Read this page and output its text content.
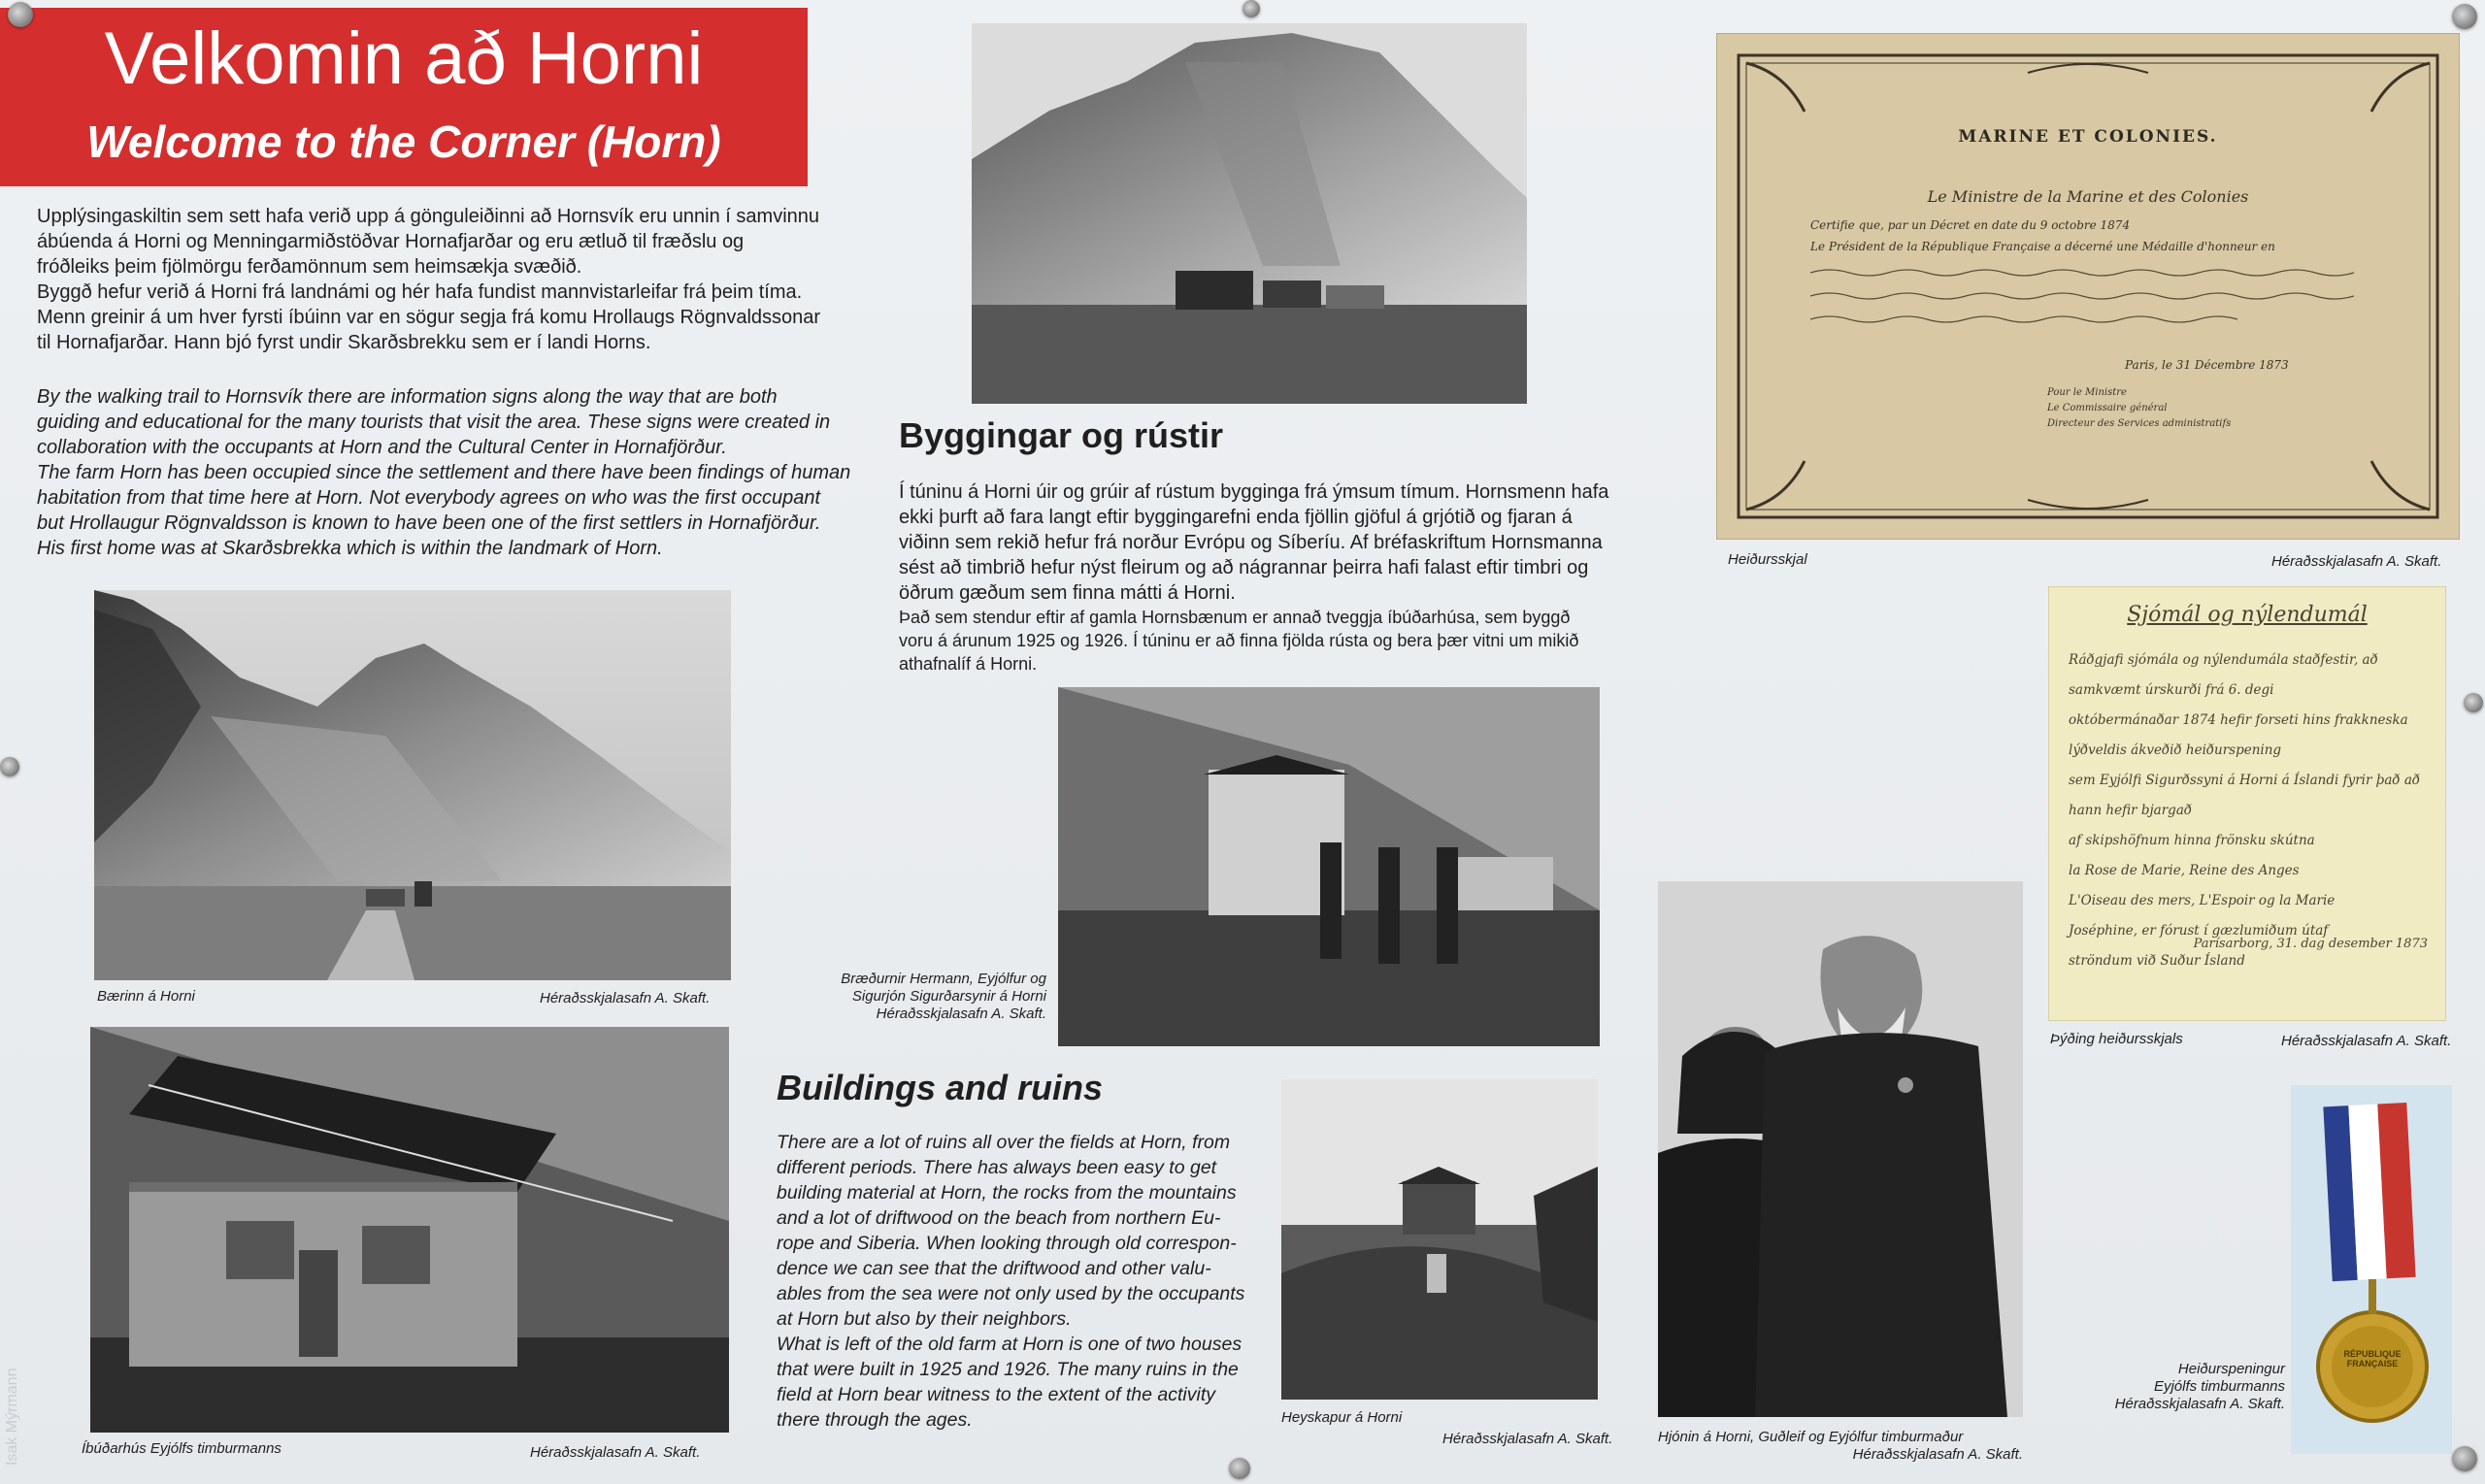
Velkomin að Horni
Welcome to the Corner (Horn)

Upplýsingaskiltin sem sett hafa verið upp á gönguleiðinni að Hornsvík eru unnin í samvinnu

ábúenda á Horni og Menningarmiðstöðvar Hornafjarðar og eru ætluð til fræðslu og

fróðleiks þeim fjölmörgu ferðamönnum sem heimsækja svæðið.

Byggð hefur verið á Horni frá landnámi og hér hafa fundist mannvistarleifar frá þeim tíma.

Menn greinir á um hver fyrsti íbúinn var en sögur segja frá komu Hrollaugs Rögnvaldssonar

til Hornafjarðar. Hann bjó fyrst undir Skarðsbrekku sem er í landi Horns.

By the walking trail to Hornsvík there are information signs along the way that are both

guiding and educational for the many tourists that visit the area. These signs were created in

collaboration with the occupants at Horn and the Cultural Center in Hornafjörður.

The farm Horn has been occupied since the settlement and there have been findings of human

habitation from that time here at Horn. Not everybody agrees on who was the first occupant

but Hrollaugur Rögnvaldsson is known to have been one of the first settlers in Hornafjörður.

His first home was at Skarðsbrekka which is within the landmark of Horn.

Bærinn á Horni	Héraðsskjalasafn A. Skaft.
Íbúðarhús Eyjólfs timburmanns	Héraðsskjalasafn A. Skaft.
Byggingar og rústir

Í túninu á Horni úir og grúir af rústum bygginga frá ýmsum tímum. Hornsmenn hafa

ekki þurft að fara langt eftir byggingarefni enda fjöllin gjöful á grjótið og fjaran á

viðinn sem rekið hefur frá norður Evrópu og Síberíu. Af bréfaskriftum Hornsmanna

sést að timbrið hefur nýst fleirum og að nágrannar þeirra hafi falast eftir timbri og

öðrum gæðum sem finna mátti á Horni.

Það sem stendur eftir af gamla Hornsbænum er annað tveggja íbúðarhúsa, sem byggð

voru á árunum 1925 og 1926. Í túninu er að finna fjölda rústa og bera þær vitni um mikið

athafnalíf á Horni.

Bræðurnir Hermann, Eyjólfur og
Sigurjón Sigurðarsynir á Horni
Héraðsskjalasafn A. Skaft.
Buildings and ruins

There are a lot of ruins all over the fields at Horn, from

different periods. There has always been easy to get

building material at Horn, the rocks from the mountains

and a lot of driftwood on the beach from northern Eu-

rope and Siberia. When looking through old correspon-

dence we can see that the driftwood and other valu-

ables from the sea were not only used by the occupants

at Horn but also by their neighbors.

What is left of the old farm at Horn is one of two houses

that were built in 1925 and 1926. The many ruins in the

field at Horn bear witness to the extent of the activity

there through the ages.	Heyskapur á Horni
Héraðsskjalasafn A. Skaft.	Hjónin á Horni, Guðleif og Eyjólfur timburmaður
Héraðsskjalasafn A. Skaft.
MARINE ET COLONIES.
Le Ministre de la Marine et des Colonies
Certifie que, par un Décret en date du 9 octobre 1874
Le Président de la République Française a décerné une Médaille d'honneur en
Paris, le 31 Décembre 1873
Pour le Ministre
Le Commissaire général
Directeur des Services administratifs
Heiðursskjal	Héraðsskjalasafn A. Skaft.
Sjómál og nýlendumál
Ráðgjafi sjómála og nýlendumála staðfestir, að samkvæmt úrskurði frá 6. degi
októbermánaðar 1874 hefir forseti hins frakkneska lýðveldis ákveðið heiðurspening
sem Eyjólfi Sigurðssyni á Horni á Íslandi fyrir það að hann hefir bjargað
af skipshöfnum hinna frönsku skútna
la Rose de Marie, Reine des Anges
L'Oiseau des mers, L'Espoir og la Marie
Joséphine, er fórust í gæzlumiðum útaf
ströndum við Suður Ísland
Parísarborg, 31. dag desember 1873
Þýðing heiðursskjals	Héraðsskjalasafn A. Skaft.
RÉPUBLIQUE FRANÇAISE
Heiðurspeningur
Eyjólfs timburmanns
Héraðsskjalasafn A. Skaft.
Isak Mýrmann
